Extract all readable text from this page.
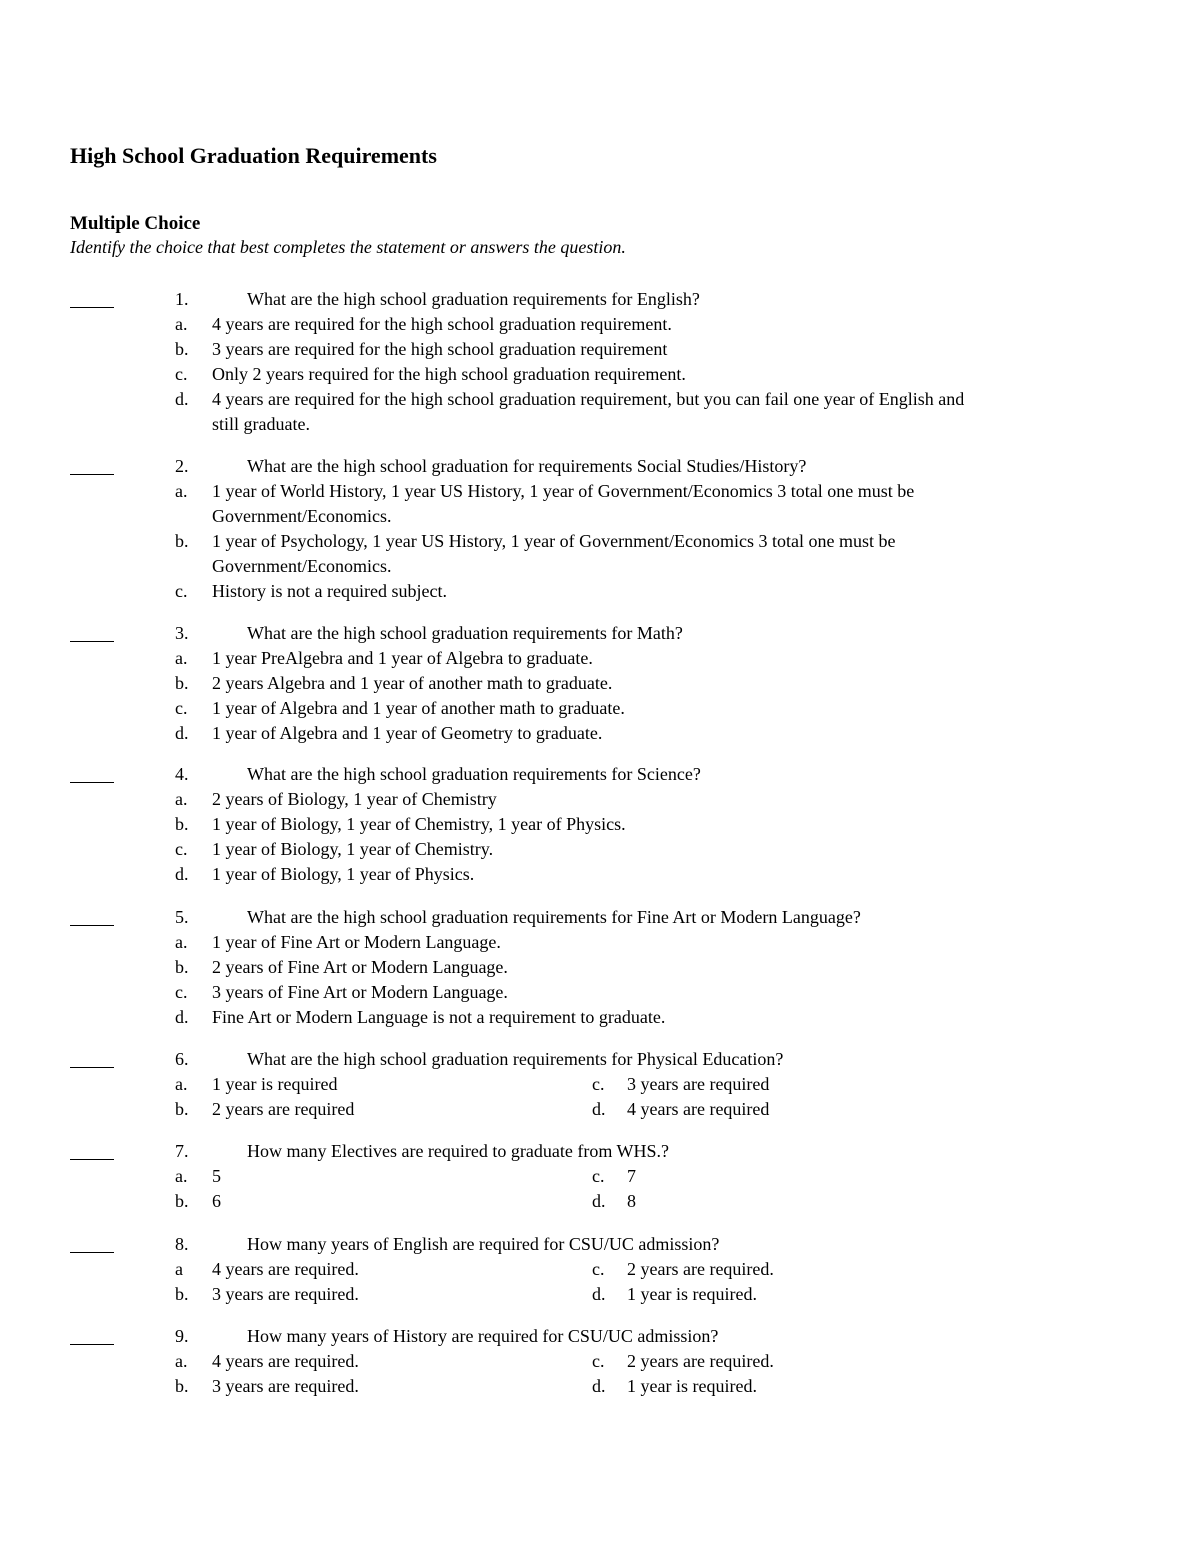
High School Graduation Requirements
Multiple Choice
Identify the choice that best completes the statement or answers the question.
1.	What are the high school graduation requirements for English?
a. 4 years are required for the high school graduation requirement.
b. 3 years are required for the high school graduation requirement
c. Only 2 years required for the high school graduation requirement.
d. 4 years are required for the high school graduation requirement, but you can fail one year of English and still graduate.
2.	What are the high school graduation for requirements Social Studies/History?
a. 1 year of World History, 1 year US History, 1 year of Government/Economics 3 total one must be Government/Economics.
b. 1 year of Psychology, 1 year US History, 1 year of Government/Economics 3 total one must be Government/Economics.
c. History is not a required subject.
3.	What are the high school graduation requirements for Math?
a. 1 year PreAlgebra and 1 year of Algebra to graduate.
b. 2 years Algebra and 1 year of another math to graduate.
c. 1 year of Algebra and 1 year of another math to graduate.
d. 1 year of Algebra and 1 year of Geometry to graduate.
4.	What are the high school graduation requirements for Science?
a. 2 years of Biology, 1 year of Chemistry
b. 1 year of Biology, 1 year of Chemistry, 1 year of Physics.
c. 1 year of Biology, 1 year of Chemistry.
d. 1 year of Biology, 1 year of Physics.
5.	What are the high school graduation requirements for Fine Art or Modern Language?
a. 1 year of Fine Art or Modern Language.
b. 2 years of Fine Art or Modern Language.
c. 3 years of Fine Art or Modern Language.
d. Fine Art or Modern Language is not a requirement to graduate.
6.	What are the high school graduation requirements for Physical Education?
a. 1 year is required	c. 3 years are required
b. 2 years are required	d. 4 years are required
7.	How many Electives are required to graduate from WHS.?
a. 5	c. 7
b. 6	d. 8
8.	How many years of English are required for CSU/UC admission?
a 4 years are required.	c. 2 years are required.
b. 3 years are required.	d. 1 year is required.
9.	How many years of History are required for CSU/UC admission?
a. 4 years are required.	c. 2 years are required.
b. 3 years are required.	d. 1 year is required.
